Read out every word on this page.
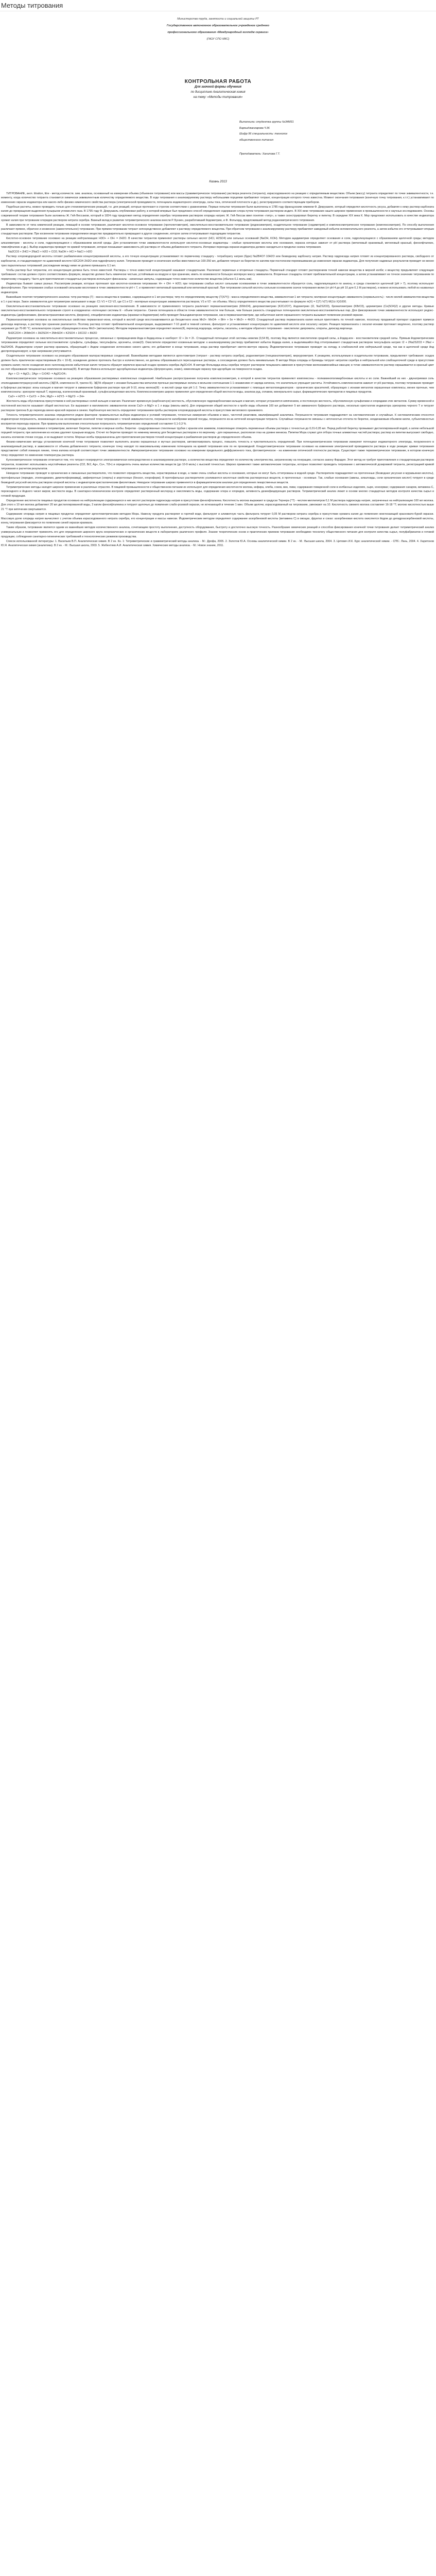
Методы титрования
Министерство труда, занятости и социальной защиты РТ
Государственное автономное образовательное учреждение среднего
профессионального образования «Международный колледж сервиса»
(ГАОУ СПО МКС)
КОНТРОЛЬНАЯ РАБОТА
Для заочной формы обучения
по дисциплине Аналитическая химия
на тему: «Методы титрования»
Выполнила: студентка группы №34М31
Бархыджангарова Ч.М.
Шифр 96 специальность: технолог
общественного питания
Преподаватель: Ханипова Г.Т.
Казань 2013

ТИТРОВАНИЕ, англ. titration, titre - метод количеств. хим. анализа, основанный на измерении объема (объемное титрование) или массы (гравиметрическое титрование) раствора реагента (титранта), израсходованного на реакцию с определяемым веществом. Объем (массу) титранта определяют по точке эквивалентности, т.е. моменту, когда количество титранта становится химически эквивалентным количеству определяемого вещества. В ходе титрования к анализируемому раствору небольшими порциями прибавляют титрант, концентрация которого точно известна. Момент окончания титрования (конечную точку титрования, к.т.т.) устанавливают по изменению окраски индикатора или какого-либо физико-химического свойства раствора (электрической проводимости, потенциала индикаторного электрода, силы тока, оптической плотности и др.), регистрируемого соответствующим прибором.

Подобные расчеты, можно проводить только для стехиометрических реакций, т.е. для реакций, которые протекают в строгом соответствии с уравнениями. Первые попытки титрования были выполнены в 1785 году французским химиком Ф. Декруазиле, который определял кислотность уксуса, добавляя к нему раствор карбоната калия до прекращения выделения пузырьков углекислого газа. В 1795 году Ф. Декруазиль опубликовал работу, в которой впервые был предложен способ определения содержания хлора путем титрования раствором индиго. В XIX веке титрование нашло широкое применение в промышленности и научных исследованиях. Основы современной теории титрования были заложены Ж. Гей-Люссаком, который в 1824 году предложил метод определения серебра титрованием раствором хлорида натрия; Ж. Гей-Люссак ввел понятие «титр», а также сконструировал бюретку и пипетку. В середине XIX века К. Мор предложил использовать в качестве индикатора хромат калия при титровании хлоридов раствором нитрата серебра. Важный вклад в развитие титриметрического анализа внесли Р. Бунзен, разработавший йодометрию, и Ф. Фольгард, предложивший метод роданометрического титрования.

В зависимости от типа химической реакции, лежащей в основе титрования, различают кислотно-основное титрование (протолитометрия), окислительно-восстановительное титрование (редоксиметрия), осадительное титрование (седиметрия) и комплексометрическое титрование (комплексометрия). По способу выполнения различают прямое, обратное и косвенное (заместительное) титрование. При прямом титровании титрант непосредственно добавляют к раствору определяемого вещества. При обратном титровании к анализируемому раствору прибавляют заведомый избыток вспомогательного реагента, а затем избыток его оттитровывают вторым стандартным раствором. При косвенном титровании определяемое вещество предварительно превращают в другое соединение, которое затем оттитровывают подходящим титрантом.

Кислотно-основное титрование основано на реакции нейтрализации: H3O+ + OH- = 2H2O. В качестве титрантов применяют растворы сильных кислот (HCl, H2SO4) или сильных оснований (NaOH, KOH). Методом ацидиметрии определяют основания и соли, гидролизующиеся с образованием щелочной среды; методом алкалиметрии - кислоты и соли, гидролизующиеся с образованием кислой среды. Для установления точки эквивалентности используют кислотно-основные индикаторы - слабые органические кислоты или основания, окраска которых зависит от pH раствора (метиловый оранжевый, метиловый красный, фенолфталеин, тимолфталеин и др.). Выбор индикатора проводят по кривой титрования, которая показывает зависимость pH раствора от объема добавленного титранта. Интервал перехода окраски индикатора должен находиться в пределах скачка титрования.

Na2CO3 + 2HCl = 2NaCl + H2O + CO2; NaOH + HCl = NaCl + H2O

Раствор хлороводородной кислоты готовят разбавлением концентрированной кислоты, а его точную концентрацию устанавливают по первичному стандарту - тетраборату натрия (буре) Na2B4O7·10H2O или безводному карбонату натрия. Раствор гидроксида натрия готовят из концентрированного раствора, свободного от карбонатов, и стандартизируют по щавелевой кислоте H2C2O4·2H2O или гидрофталату калия. Титрование проводят в конических колбах вместимостью 100-250 мл, добавляя титрант из бюретки по каплям при постоянном перемешивании до изменения окраски индикатора. Для получения надежных результатов проводят не менее трех параллельных титрований; расхождение между ними не должно превышать 0,1 мл.

Чтобы раствор был титрантом, его концентрация должна быть точно известной. Растворы с точно известной концентрацией называют стандартными. Различают первичные и вторичные стандарты. Первичный стандарт готовят растворением точной навески вещества в мерной колбе; к веществу предъявляют следующие требования: состав должен строго соответствовать формуле, вещество должно быть химически чистым, устойчивым на воздухе и при хранении, иметь по возможности большую молярную массу эквивалента. Вторичные стандарты готовят приблизительной концентрации, а затем устанавливают ее точное значение титрованием по первичному стандарту. Часто для приготовления стандартных растворов используют фиксаналы - запаянные ампулы, содержащие точно известное количество вещества (обычно 0,1 моль-экв).

Индикаторы бывают самых разных. Рассмотрим реакции, которые протекают при кислотно-основном титровании: H+ + OH- = H2O; при титровании слабых кислот сильными основаниями в точке эквивалентности образуется соль, гидролизующаяся по аниону, и среда становится щелочной (pH > 7), поэтому используют фенолфталеин. При титровании слабых оснований сильными кислотами в точке эквивалентности pH < 7, и применяют метиловый оранжевый или метиловый красный. При титровании сильной кислоты сильным основанием скачок титрования велик (от pH 4 до pH 10 для 0,1 М растворов), и можно использовать любой из названных индикаторов.

Важнейшие понятия титриметрического анализа: титр раствора (T) - масса вещества в граммах, содержащаяся в 1 мл раствора; титр по определяемому веществу (T(X/Y)) - масса определяемого вещества, эквивалентная 1 мл титранта; молярная концентрация эквивалента (нормальность) - число молей эквивалентов вещества в 1 л раствора. Закон эквивалентов для титриметрии записывают в виде: C1·V1 = C2·V2, где C1 и C2 - молярные концентрации эквивалентов растворов, V1 и V2 - их объемы. Массу определяемого вещества рассчитывают по формуле m(X) = C(T)·V(T)·M(1/z X)/1000.

Окислительно-восстановительное титрование основано на реакциях окисления-восстановления. В зависимости от применяемого титранта различают перманганатометрию (KMnO4), дихроматометрию (K2Cr2O7), йодометрию (I2, Na2S2O3), броматометрию (KBrO3), цериметрию (Ce(SO4)2) и другие методы. Кривые окислительно-восстановительного титрования строят в координатах «потенциал системы E - объем титранта». Скачок потенциала в области точки эквивалентности тем больше, чем больше разность стандартных потенциалов окислительно-восстановительных пар. Для фиксирования точки эквивалентности используют редокс-индикаторы (дифениламин, фенилантраниловая кислота, ферроин), специфические индикаторы (крахмал в йодометрии) либо проводят безындикаторное титрование, как в перманганатометрии, где избыточная капля окрашенного титранта вызывает появление розовой окраски.

Перманганатометрия основана на окислительных свойствах перманганат-иона, который в кислой среде восстанавливается до бесцветного иона Mn2+: MnO4- + 8H+ + 5e = Mn2+ + 4H2O. Стандартный раствор перманганата калия нельзя приготовить по точной навеске, поскольку продажный препарат содержит примеси диоксида марганца, а раствор при хранении разлагается. Поэтому раствор готовят приблизительной концентрации, выдерживают 7-10 дней в темной склянке, фильтруют и устанавливают концентрацию по щавелевой кислоте или оксалату натрия. Реакция перманганата с оксалат-ионами протекает медленно, поэтому раствор нагревают до 70-80 °С; катализатором служат образующиеся ионы Mn2+ (автокатализ). Методом перманганатометрии определяют железо(II), пероксид водорода, нитриты, оксалаты, а методом обратного титрования - окислители: дихроматы, хлораты, диоксид марганца.

5H2C2O4 + 2KMnO4 + 3H2SO4 = 2MnSO4 + K2SO4 + 10CO2 + 8H2O

Йодометрия основана на окислительно-восстановительных процессах, связанных с превращением йода в йодид-ионы и наоборот: I2 + 2e = 2I-. Стандартный потенциал этой системы невелик (0,54 В), поэтому йод является окислителем средней силы, а йодид-ион - восстановителем средней силы. Прямым йодометрическим титрованием определяют сильные восстановители: сульфиты, сульфиды, тиосульфаты, арсениты, олово(II). Окислители определяют косвенным методом: к анализируемому раствору прибавляют избыток йодида калия, а выделившийся йод оттитровывают стандартным раствором тиосульфата натрия: I2 + 2Na2S2O3 = 2NaI + Na2S4O6. Индикатором служит раствор крахмала, образующий с йодом соединение интенсивно синего цвета; его добавляют в конце титрования, когда раствор приобретает светло-желтую окраску. Йодометрическое титрование проводят на холоду, в слабокислой или нейтральной среде, так как в щелочной среде йод диспропорционирует, а при нагревании улетучивается.

Осадительное титрование основано на реакциях образования малорастворимых соединений. Важнейшими методами являются аргентометрия (титрант - раствор нитрата серебра), роданометрия (тиоцианатометрия), меркурометрия. К реакциям, используемым в осадительном титровании, предъявляют требования: осадок должен быть практически нерастворимым (Ks < 10-8), осаждение должно протекать быстро и количественно, не должны образовываться пересыщенные растворы, а соосаждение должно быть минимальным. В методе Мора хлориды и бромиды титруют нитратом серебра в нейтральной или слабощелочной среде в присутствии хромата калия; после осаждения всех галогенид-ионов избыточная капля титранта образует кирпично-красный осадок хромата серебра Ag2CrO4. В методе Фольгарда ионы серебра титруют раствором тиоцианата аммония в присутствии железоаммонийных квасцов; в точке эквивалентности раствор окрашивается в красный цвет за счет образования тиоцианатных комплексов железа(III). В методе Фаянса используют адсорбционные индикаторы (флуоресцеин, эозин), изменяющие окраску при адсорбции на поверхности осадка.

Ag+ + Cl- = AgCl↓; 2Ag+ + CrO42- = Ag2CrO4↓

Комплексометрическое титрование основано на реакциях образования растворимых комплексных соединений. Наибольшее распространение получила комплексонометрия, в которой в качестве титрантов применяют комплексоны - полиаминополикарбоновые кислоты и их соли. Важнейший из них - двунатриевая соль этилендиаминтетрауксусной кислоты (ЭДТА, комплексон III, трилон Б). ЭДТА образует с ионами большинства металлов прочные растворимые хелаты в мольном соотношении 1:1 независимо от заряда катиона, что значительно упрощает расчеты. Устойчивость комплексонатов зависит от pH раствора, поэтому титрование проводят в буферных растворах: ионы кальция и магния титруют в аммиачном буферном растворе при pH 9-10, ионы железа(III) - в кислой среде при pH 1-2. Точку эквивалентности устанавливают с помощью металлоиндикаторов - органических красителей, образующих с ионами металлов окрашенные комплексы, менее прочные, чем комплексонаты: эриохром черный Т, мурексид, ксиленоловый оранжевый, сульфосалициловая кислота. Комплексонометрию широко применяют для определения общей жесткости воды, анализа руд, сплавов, минерального сырья, фармацевтических препаратов и пищевых продуктов.

Ca2+ + H2Y2- = CaY2- + 2H+; Mg2+ + H2Y2- = MgY2- + 2H+

Жесткость воды обусловлена присутствием в ней растворимых солей кальция и магния. Различают временную (карбонатную) жесткость, обусловленную гидрокарбонатами кальция и магния, которая устраняется кипячением, и постоянную жесткость, обусловленную сульфатами и хлоридами этих металлов. Сумму временной и постоянной жесткости называют общей жесткостью. Ее выражают в миллимолях эквивалентов ионов Ca2+ и Mg2+ в 1 л воды (ммоль-экв/л). Для определения общей жесткости к пробе воды объемом 100 мл добавляют 5 мл аммиачного буферного раствора, несколько кристаллов индикатора эриохрома черного Т и титруют раствором трилона Б до перехода винно-красной окраски в синюю. Карбонатную жесткость определяют титрованием пробы раствором хлороводородной кислоты в присутствии метилового оранжевого.

Точность титриметрического анализа определяется рядом факторов: правильностью выбора индикатора и условий титрования, точностью измерения объемов и масс, чистотой реактивов, квалификацией аналитика. Погрешности титрования подразделяют на систематические и случайные. К систематическим относятся индикаторная погрешность, возникающая из-за несовпадения конечной точки титрования с точкой эквивалентности, погрешности калибровки мерной посуды, погрешности из-за неточной концентрации титранта. Случайные погрешности связаны с неточностью отсчета по бюретке, неодинаковым объемом капли, субъективностью восприятия перехода окраски. При правильном выполнении относительная погрешность титриметрических определений составляет 0,1-0,3 %.

Мерная посуда, применяемая в титриметрии, включает бюретки, пипетки и мерные колбы. Бюретки - градуированные стеклянные трубки с краном или зажимом, позволяющие отмерять переменные объемы раствора с точностью до 0,01-0,05 мл. Перед работой бюретку промывают дистиллированной водой, а затем небольшой порцией титранта; при заполнении из носика удаляют пузырьки воздуха. Отсчет по бюретке проводят по нижнему мениску для бесцветных растворов и по верхнему - для окрашенных, располагая глаз на уровне мениска. Пипетки Мора служат для отбора точных аликвотных частей раствора; раствор из пипетки выпускают свободно, касаясь кончиком стенки сосуда, и не выдувают остаток. Мерные колбы предназначены для приготовления растворов точной концентрации и разбавления растворов до определенного объема.

Физико-химические методы установления конечной точки титрования позволяют выполнять анализ окрашенных и мутных растворов, автоматизировать процесс, повысить точность и чувствительность определений. При потенциометрическом титровании измеряют потенциал индикаторного электрода, погруженного в анализируемый раствор, в зависимости от объема добавленного титранта; конечную точку находят по максимальному изменению потенциала на кривой титрования или по ее производной. Кондуктометрическое титрование основано на изменении электрической проводимости раствора в ходе реакции: кривая титрования представляет собой ломаную линию, точка излома которой соответствует точке эквивалентности. Амперометрическое титрование основано на измерении предельного диффузионного тока, фотометрическое - на изменении оптической плотности раствора. Существует также термометрическое титрование, в котором конечную точку определяют по изменению температуры раствора.

Кулонометрическое титрование отличается тем, что титрант генерируется электрохимически непосредственно в анализируемом растворе, а количество вещества определяют по количеству электричества, затраченному на генерацию, согласно закону Фарадея. Этот метод не требует приготовления и стандартизации растворов титрантов, позволяет использовать неустойчивые реагенты (Cl2, Br2, Ag+, Cu+, Ti3+) и определять очень малые количества веществ (до 10-9 моль) с высокой точностью. Широко применяют также автоматические титраторы, которые позволяют проводить титрование с автоматической дозировкой титранта, регистрацией кривой титрования и расчетом результатов.

Неводное титрование проводят в органических и смешанных растворителях, что позволяет определять вещества, нерастворимые в воде, а также очень слабые кислоты и основания, которые не могут быть оттитрованы в водной среде. Растворители подразделяют на протогенные (безводная уксусная и муравьиная кислоты), протофильные (пиридин, этилендиамин, диметилформамид), амфипротные (спирты) и апротонные (бензол, хлороформ). В протофильных растворителях усиливаются кислотные свойства растворенных веществ, в протогенных - основные. Так, слабые основания (амины, алкалоиды, соли органических кислот) титруют в среде безводной уксусной кислоты раствором хлорной кислоты с индикатором кристаллическим фиолетовым. Неводное титрование широко применяется в фармацевтическом анализе для определения лекарственных веществ.

Титриметрические методы находят широкое применение в различных отраслях. В пищевой промышленности и общественном питании их используют для определения кислотности молока, кефира, хлеба, соков, вин, пива; содержания поваренной соли в колбасных изделиях, сыре, консервах; содержания сахаров, витамина C, пероксидного и йодного чисел жиров; жесткости воды. В санитарно-гигиеническом контроле определяют растворенный кислород и окисляемость воды, содержание хлора и хлоридов, активность дезинфицирующих растворов. Титриметрический анализ лежит в основе многих стандартных методов контроля качества сырья и готовой продукции.

Определение кислотности пищевых продуктов основано на нейтрализации содержащихся в них кислот раствором гидроксида натрия в присутствии фенолфталеина. Кислотность молока выражают в градусах Тернера (°Т) - числом миллилитров 0,1 М раствора гидроксида натрия, затраченных на нейтрализацию 100 мл молока. Для этого к 10 мл молока добавляют 20 мл дистиллированной воды, 3 капли фенолфталеина и титруют щелочью до появления слабо-розовой окраски, не исчезающей в течение 1 мин. Объем щелочи, израсходованный на титрование, умножают на 10. Кислотность свежего молока составляет 16-18 °Т; молоко кислотностью выше 21 °Т при кипячении свертывается.

Содержание хлорида натрия в пищевых продуктах определяют аргентометрическим методом Мора. Навеску продукта растворяют в горячей воде, фильтруют и аликвотную часть фильтрата титруют 0,05 М раствором нитрата серебра в присутствии хромата калия до появления неисчезающей красновато-бурой окраски. Массовую долю хлорида натрия вычисляют с учетом объема израсходованного нитрата серебра, его концентрации и массы навески. Йодометрическим методом определяют содержание аскорбиновой кислоты (витамина C) в овощах, фруктах и соках: аскорбиновая кислота окисляется йодом до дегидроаскорбиновой кислоты, конец титрования фиксируется по появлению синей окраски крахмала.

Таким образом, титрование является одним из важнейших методов количественного анализа, сочетающим простоту выполнения, доступность оборудования, быстроту и достаточно высокую точность. Разнообразие химических реакций и способов фиксирования конечной точки титрования делает титриметрический анализ универсальным и позволяет применять его для определения широкого круга неорганических и органических веществ в лабораториях различного профиля. Знание теоретических основ и практических приемов титрования необходимо технологу общественного питания для контроля качества сырья, полуфабрикатов и готовой продукции, соблюдения санитарно-гигиенических требований и технологических режимов производства.

Список использованной литературы: 1. Васильев В.П. Аналитическая химия. В 2 кн. Кн. 1: Титриметрические и гравиметрический методы анализа. - М.: Дрофа, 2005. 2. Золотов Ю.А. Основы аналитической химии. В 2 кн. - М.: Высшая школа, 2004. 3. Цитович И.К. Курс аналитической химии. - СПб.: Лань, 2004. 4. Харитонов Ю.Я. Аналитическая химия (аналитика). В 2 кн. - М.: Высшая школа, 2003. 5. Жебентяев А.И. Аналитическая химия. Химические методы анализа. - М.: Новое знание, 2011.
